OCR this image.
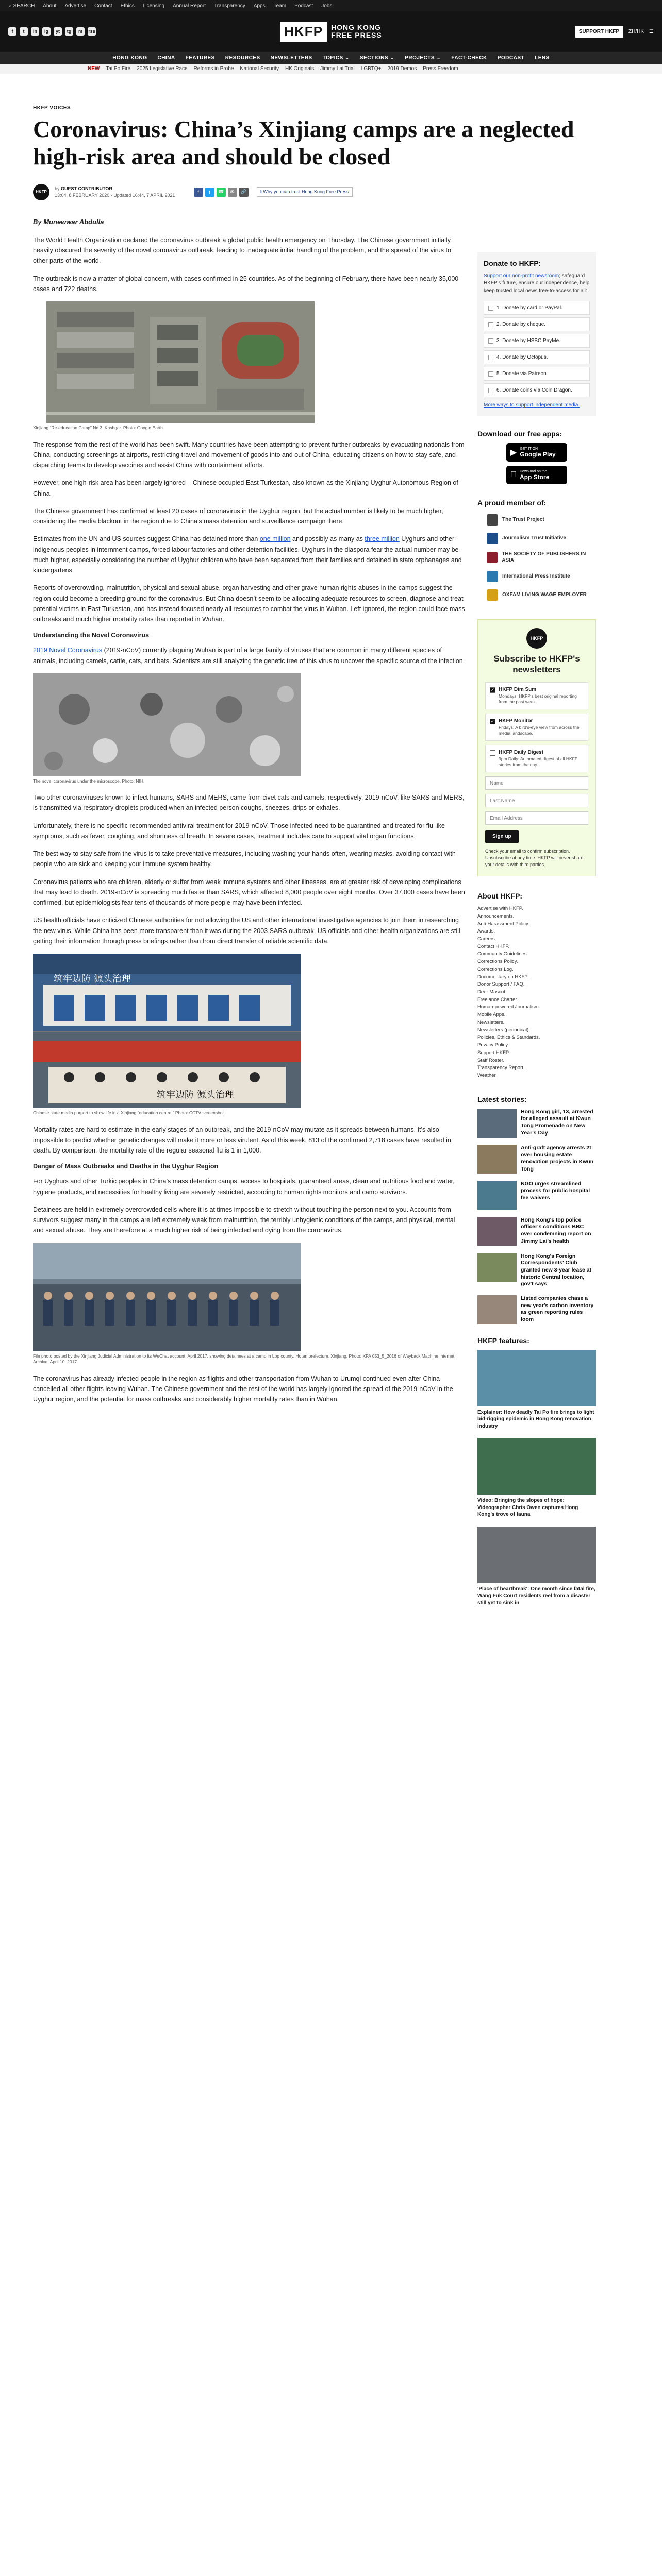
⌕ SEARCH About Advertise Contact Ethics Licensing Annual Report Transparency Apps Team Podcast Jobs
f	t	in	ig	yt	tg	m	rss	HKFP	HONG KONG
FREE PRESS	SUPPORT HKFP	ZH/HK ☰
HONG KONG CHINA FEATURES RESOURCES NEWSLETTERS TOPICS ⌄ SECTIONS ⌄ PROJECTS ⌄ FACT-CHECK PODCAST LENS
NEW Tai Po Fire 2025 Legislative Race Reforms in Probe National Security HK Originals Jimmy Lai Trial LGBTQ+ 2019 Demos Press Freedom
HKFP VOICES
Coronavirus: China’s Xinjiang camps are a neglected high-risk area and should be closed
HKFP
by GUEST CONTRIBUTOR
13:04, 8 FEBRUARY 2020 · Updated 16:44, 7 APRIL 2021
f	t	☎	✉	🔗	ℹ Why you can trust Hong Kong Free Press
By Munewwar Abdulla

The World Health Organization declared the coronavirus outbreak a global public health emergency on Thursday. The Chinese government initially heavily obscured the severity of the novel coronavirus outbreak, leading to inadequate initial handling of the problem, and the spread of the virus to other parts of the world.

The outbreak is now a matter of global concern, with cases confirmed in 25 countries. As of the beginning of February, there have been nearly 35,000 cases and 722 deaths.

Xinjiang “Re-education Camp” No.3, Kashgar. Photo: Google Earth.

The response from the rest of the world has been swift. Many countries have been attempting to prevent further outbreaks by evacuating nationals from China, conducting screenings at airports, restricting travel and movement of goods into and out of China, educating citizens on how to stay safe, and dispatching teams to develop vaccines and assist China with containment efforts.

However, one high-risk area has been largely ignored – Chinese occupied East Turkestan, also known as the Xinjiang Uyghur Autonomous Region of China.

The Chinese government has confirmed at least 20 cases of coronavirus in the Uyghur region, but the actual number is likely to be much higher, considering the media blackout in the region due to China’s mass detention and surveillance campaign there.

Estimates from the UN and US sources suggest China has detained more than one million and possibly as many as three million Uyghurs and other indigenous peoples in internment camps, forced labour factories and other detention facilities. Uyghurs in the diaspora fear the actual number may be much higher, especially considering the number of Uyghur children who have been separated from their families and detained in state orphanages and kindergartens.

Reports of overcrowding, malnutrition, physical and sexual abuse, organ harvesting and other grave human rights abuses in the camps suggest the region could become a breeding ground for the coronavirus. But China doesn’t seem to be allocating adequate resources to screen, diagnose and treat potential victims in East Turkestan, and has instead focused nearly all resources to combat the virus in Wuhan. Left ignored, the region could face mass outbreaks and much higher mortality rates than reported in Wuhan.

Understanding the Novel Coronavirus

2019 Novel Coronavirus (2019-nCoV) currently plaguing Wuhan is part of a large family of viruses that are common in many different species of animals, including camels, cattle, cats, and bats. Scientists are still analyzing the genetic tree of this virus to uncover the specific source of the infection.

The novel coronavirus under the microscope. Photo: NIH.

Two other coronaviruses known to infect humans, SARS and MERS, came from civet cats and camels, respectively. 2019-nCoV, like SARS and MERS, is transmitted via respiratory droplets produced when an infected person coughs, sneezes, drips or exhales.

Unfortunately, there is no specific recommended antiviral treatment for 2019-nCoV. Those infected need to be quarantined and treated for flu-like symptoms, such as fever, coughing, and shortness of breath. In severe cases, treatment includes care to support vital organ functions.

The best way to stay safe from the virus is to take preventative measures, including washing your hands often, wearing masks, avoiding contact with people who are sick and keeping your immune system healthy.

Coronavirus patients who are children, elderly or suffer from weak immune systems and other illnesses, are at greater risk of developing complications that may lead to death. 2019-nCoV is spreading much faster than SARS, which affected 8,000 people over eight months. Over 37,000 cases have been confirmed, but epidemiologists fear tens of thousands of more people may have been infected.

US health officials have criticized Chinese authorities for not allowing the US and other international investigative agencies to join them in researching the new virus. While China has been more transparent than it was during the 2003 SARS outbreak, US officials and other health organizations are still getting their information through press briefings rather than from direct transfer of reliable scientific data.

筑牢边防 源头治理
筑牢边防 源头治理
Chinese state media purport to show life in a Xinjiang “education centre.” Photo: CCTV screenshot.

Mortality rates are hard to estimate in the early stages of an outbreak, and the 2019-nCoV may mutate as it spreads between humans. It’s also impossible to predict whether genetic changes will make it more or less virulent. As of this week, 813 of the confirmed 2,718 cases have resulted in death. By comparison, the mortality rate of the regular seasonal flu is 1 in 1,000.

Danger of Mass Outbreaks and Deaths in the Uyghur Region

For Uyghurs and other Turkic peoples in China’s mass detention camps, access to hospitals, guaranteed areas, clean and nutritious food and water, hygiene products, and necessities for healthy living are severely restricted, according to human rights monitors and camp survivors.

Detainees are held in extremely overcrowded cells where it is at times impossible to stretch without touching the person next to you. Accounts from survivors suggest many in the camps are left extremely weak from malnutrition, the terribly unhygienic conditions of the camps, and physical, mental and sexual abuse. They are therefore at a much higher risk of being infected and dying from the coronavirus.

File photo posted by the Xinjiang Judicial Administration to its WeChat account, April 2017, showing detainees at a camp in Lop county, Hotan prefecture, Xinjiang. Photo: XPA 053_5_2016 of Wayback Machine Internet Archive, April 10, 2017.

The coronavirus has already infected people in the region as flights and other transportation from Wuhan to Urumqi continued even after China cancelled all other flights leaving Wuhan. The Chinese government and the rest of the world has largely ignored the spread of the 2019-nCoV in the Uyghur region, and the potential for mass outbreaks and considerably higher mortality rates than in Wuhan.

Donate to HKFP:
Support our non-profit newsroom; safeguard HKFP's future, ensure our independence, help keep trusted local news free-to-access for all:
1. Donate by card or PayPal.
2. Donate by cheque.
3. Donate by HSBC PayMe.
4. Donate by Octopus.
5. Donate via Patreon.
6. Donate coins via Coin Dragon.
More ways to support independent media.
Download our free apps:
▶ GET IT ON
Google Play
Download on the
App Store
A proud member of:
The Trust Project
Journalism Trust Initiative
THE SOCIETY OF PUBLISHERS IN ASIA
International Press Institute
OXFAM LIVING WAGE EMPLOYER
HKFP
Subscribe to HKFP's newsletters
✓ HKFP Dim Sum
Mondays: HKFP's best original reporting from the past week.
✓ HKFP Monitor
Fridays: A bird's-eye view from across the media landscape.
HKFP Daily Digest
9pm Daily: Automated digest of all HKFP stories from the day.
Name Last Name Email Address Sign up
Check your email to confirm subscription. Unsubscribe at any time. HKFP will never share your details with third parties.
About HKFP:
Advertise with HKFP.
Announcements.
Anti-Harassment Policy.
Awards.
Careers.
Contact HKFP.
Community Guidelines.
Corrections Policy.
Corrections Log.
Documentary on HKFP.
Donor Support / FAQ.
Deer Mascot.
Freelance Charter.
Human-powered Journalism.
Mobile Apps.
Newsletters.
Newsletters (periodical).
Policies, Ethics & Standards.
Privacy Policy.
Support HKFP.
Staff Roster.
Transparency Report.
Weather.
Latest stories:
Hong Kong girl, 13, arrested for alleged assault at Kwun Tong Promenade on New Year's Day
Anti-graft agency arrests 21 over housing estate renovation projects in Kwun Tong
NGO urges streamlined process for public hospital fee waivers
Hong Kong's top police officer's conditions BBC over condemning report on Jimmy Lai's health
Hong Kong's Foreign Correspondents' Club granted new 3-year lease at historic Central location, gov't says
Listed companies chase a new year's carbon inventory as green reporting rules loom
HKFP features:
Explainer: How deadly Tai Po fire brings to light bid-rigging epidemic in Hong Kong renovation industry
Video: Bringing the slopes of hope: Videographer Chris Owen captures Hong Kong's trove of fauna
'Place of heartbreak': One month since fatal fire, Wang Fuk Court residents reel from a disaster still yet to sink in
